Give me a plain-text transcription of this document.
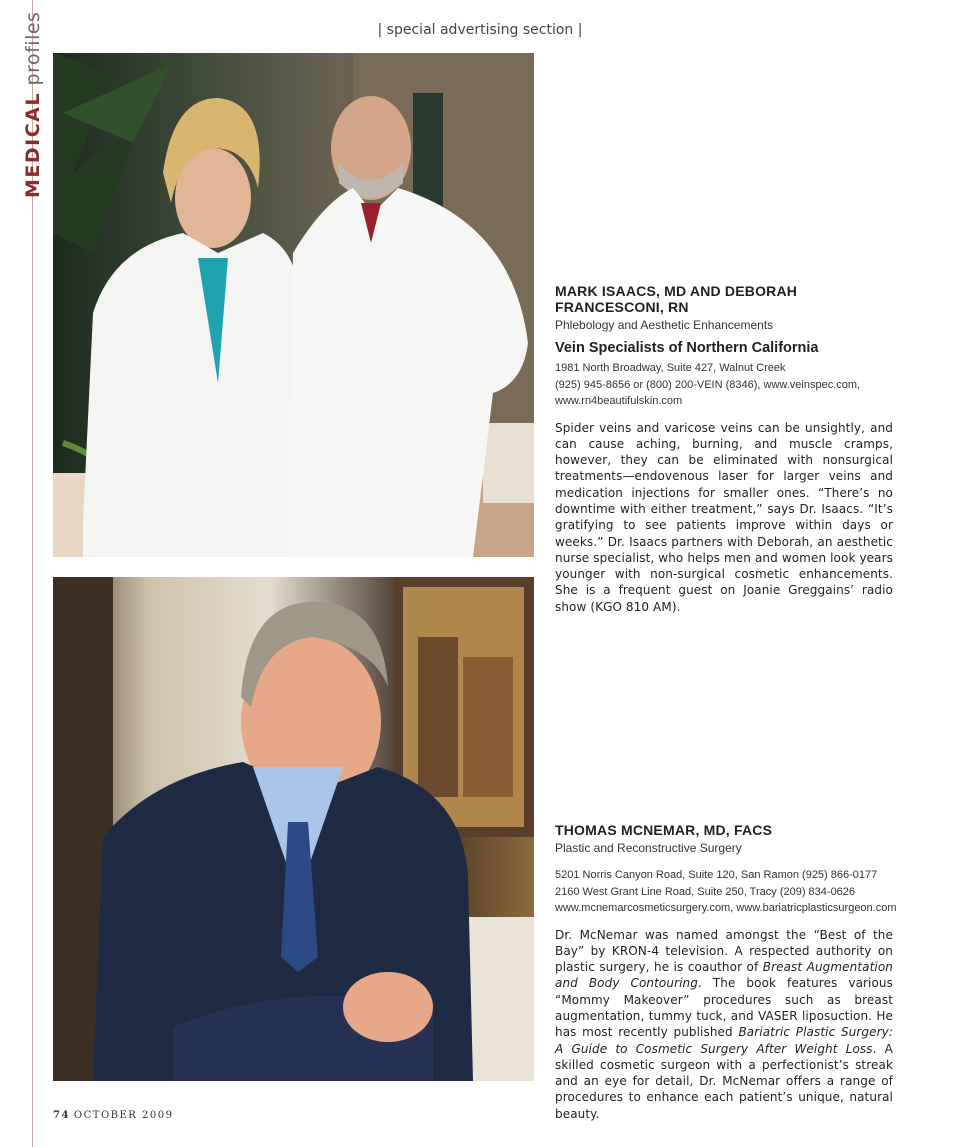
MEDICAL profiles	| special advertising section |

MARK ISAACS, MD AND DEBORAH FRANCESCONI, RN

Phlebology and Aesthetic Enhancements

Vein Specialists of Northern California

1981 North Broadway, Suite 427, Walnut Creek
(925) 945-8656 or (800) 200-VEIN (8346), www.veinspec.com,
www.rn4beautifulskin.com

Spider veins and varicose veins can be unsightly, and can cause aching, burning, and muscle cramps, however, they can be eliminated with nonsurgical treatments—endovenous laser for larger veins and medication injections for smaller ones. “There’s no downtime with either treatment,” says Dr. Isaacs. “It’s gratifying to see patients improve within days or weeks.” Dr. Isaacs partners with Deborah, an aesthetic nurse specialist, who helps men and women look years younger with non-surgical cosmetic enhancements. She is a frequent guest on Joanie Greggains’ radio show (KGO 810 AM).

THOMAS MCNEMAR, MD, FACS

Plastic and Reconstructive Surgery

5201 Norris Canyon Road, Suite 120, San Ramon (925) 866-0177
2160 West Grant Line Road, Suite 250, Tracy (209) 834-0626
www.mcnemarcosmeticsurgery.com, www.bariatricplasticsurgeon.com

Dr. McNemar was named amongst the “Best of the Bay” by KRON-4 television. A respected authority on plastic surgery, he is coauthor of Breast Augmentation and Body Contouring. The book features various “Mommy Makeover” procedures such as breast augmentation, tummy tuck, and VASER liposuction. He has most recently published Bariatric Plastic Surgery: A Guide to Cosmetic Surgery After Weight Loss. A skilled cosmetic surgeon with a perfectionist’s streak and an eye for detail, Dr. McNemar offers a range of procedures to enhance each patient’s unique, natural beauty.

74 OCTOBER 2009
